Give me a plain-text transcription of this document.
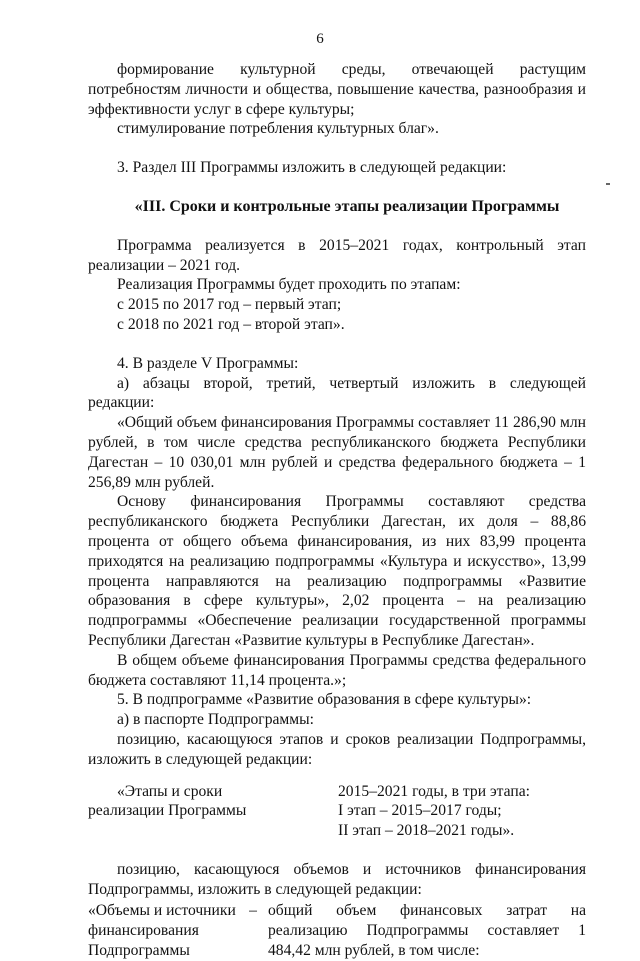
6

формирование культурной среды, отвечающей растущим потребностям личности и общества, повышение качества, разнообразия и эффективности услуг в сфере культуры;

стимулирование потребления культурных благ».

3. Раздел III Программы изложить в следующей редакции:

«III. Сроки и контрольные этапы реализации Программы

Программа реализуется в 2015–2021 годах, контрольный этап реализации – 2021 год.

Реализация Программы будет проходить по этапам:

с 2015 по 2017 год – первый этап;

с 2018 по 2021 год – второй этап».

4. В разделе V Программы:

а) абзацы второй, третий, четвертый изложить в следующей редакции:

«Общий объем финансирования Программы составляет 11 286,90 млн рублей, в том числе средства республиканского бюджета Республики Дагестан – 10 030,01 млн рублей и средства федерального бюджета – 1 256,89 млн рублей.

Основу финансирования Программы составляют средства республиканского бюджета Республики Дагестан, их доля – 88,86 процента от общего объема финансирования, из них 83,99 процента приходятся на реализацию подпрограммы «Культура и искусство», 13,99 процента направляются на реализацию подпрограммы «Развитие образования в сфере культуры», 2,02 процента – на реализацию подпрограммы «Обеспечение реализации государственной программы Республики Дагестан «Развитие культуры в Республике Дагестан».

В общем объеме финансирования Программы средства федерального бюджета составляют 11,14 процента.»;

5. В подпрограмме «Развитие образования в сфере культуры»:

а) в паспорте Подпрограммы:

позицию, касающуюся этапов и сроков реализации Подпрограммы, изложить в следующей редакции:

«Этапы и сроки
реализации Программы
2015–2021 годы, в три этапа:
I этап – 2015–2017 годы;
II этап – 2018–2021 годы».

позицию, касающуюся объемов и источников финансирования Подпрограммы, изложить в следующей редакции:

«Объемы и источники
финансирования
Подпрограммы
– общий объем финансовых затрат на реализацию Подпрограммы составляет 1 484,42 млн рублей, в том числе:
